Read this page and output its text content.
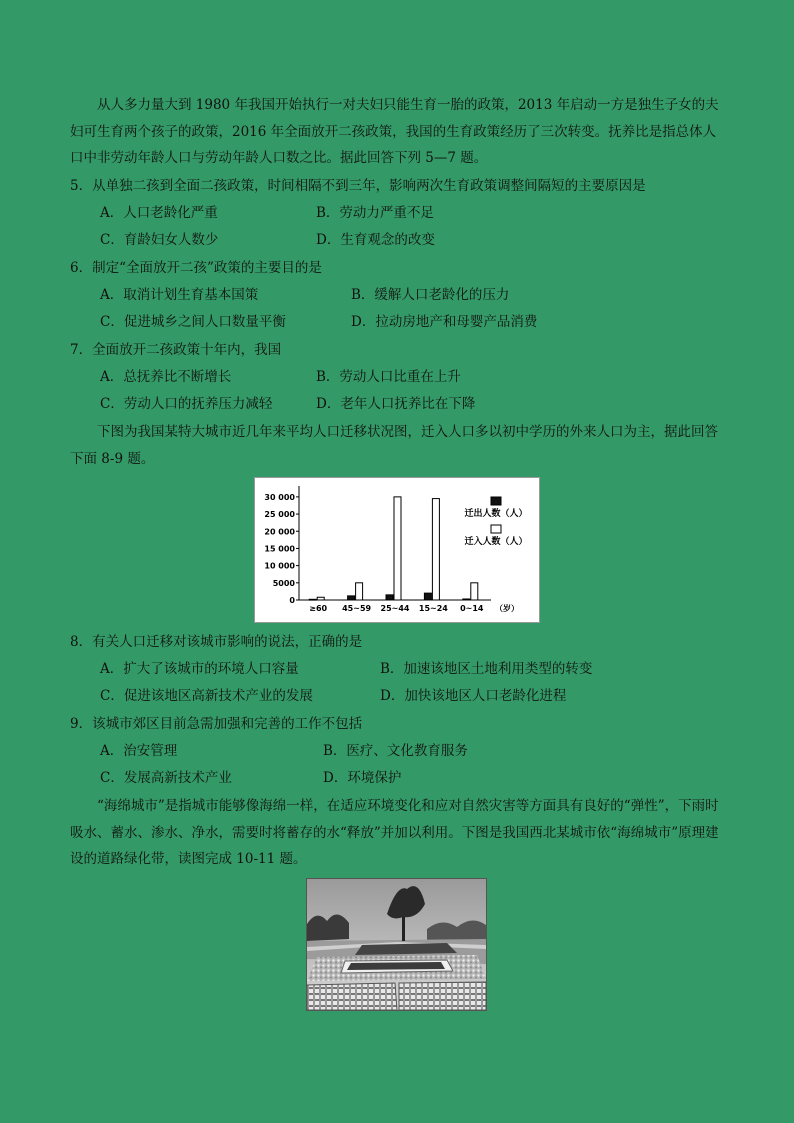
从人多力量大到 1980 年我国开始执行一对夫妇只能生育一胎的政策，2013 年启动一方是独生子女的夫妇可生育两个孩子的政策，2016 年全面放开二孩政策，我国的生育政策经历了三次转变。抚养比是指总体人口中非劳动年龄人口与劳动年龄人口数之比。据此回答下列 5—7 题。

5．从单独二孩到全面二孩政策，时间相隔不到三年，影响两次生育政策调整间隔短的主要原因是
A．人口老龄化严重	B．劳动力严重不足
C．育龄妇女人数少	D．生育观念的改变
6．制定“全面放开二孩”政策的主要目的是
A．取消计划生育基本国策	B．缓解人口老龄化的压力
C．促进城乡之间人口数量平衡	D．拉动房地产和母婴产品消费
7．全面放开二孩政策十年内，我国
A．总抚养比不断增长	B．劳动人口比重在上升
C．劳动人口的抚养压力减轻	D．老年人口抚养比在下降

下图为我国某特大城市近几年来平均人口迁移状况图，迁入人口多以初中学历的外来人口为主，据此回答下面 8-9 题。

0
5000
10 000
15 000
20 000
25 000
30 000
≥60 45~59 25~44 15~24 0~14 （岁）
迁出人数（人）
迁入人数（人）
8．有关人口迁移对该城市影响的说法，正确的是
A．扩大了该城市的环境人口容量	B．加速该地区土地利用类型的转变
C．促进该地区高新技术产业的发展	D．加快该地区人口老龄化进程
9．该城市郊区目前急需加强和完善的工作不包括
A．治安管理	B．医疗、文化教育服务
C．发展高新技术产业	D．环境保护

“海绵城市”是指城市能够像海绵一样，在适应环境变化和应对自然灾害等方面具有良好的“弹性”，下雨时吸水、蓄水、渗水、净水，需要时将蓄存的水“释放”并加以利用。下图是我国西北某城市依“海绵城市”原理建设的道路绿化带，读图完成 10-11 题。
